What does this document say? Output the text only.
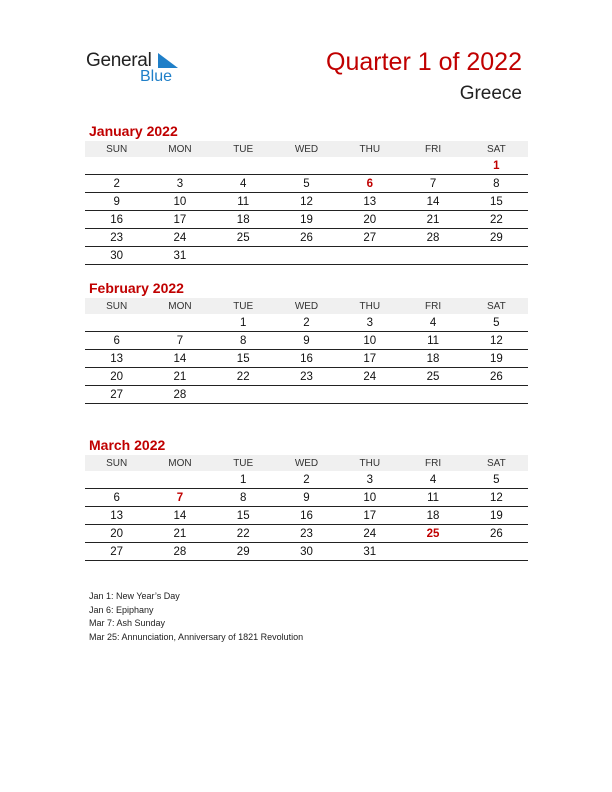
General
Blue
Quarter 1 of 2022
Greece
January 2022
SUN	MON	TUE	WED	THU	FRI	SAT
						1
2	3	4	5	6	7	8
9	10	11	12	13	14	15
16	17	18	19	20	21	22
23	24	25	26	27	28	29
30	31					
February 2022
SUN	MON	TUE	WED	THU	FRI	SAT
		1	2	3	4	5
6	7	8	9	10	11	12
13	14	15	16	17	18	19
20	21	22	23	24	25	26
27	28					
March 2022
SUN	MON	TUE	WED	THU	FRI	SAT
		1	2	3	4	5
6	7	8	9	10	11	12
13	14	15	16	17	18	19
20	21	22	23	24	25	26
27	28	29	30	31		
Jan 1: New Year’s Day
Jan 6: Epiphany
Mar 7: Ash Sunday
Mar 25: Annunciation, Anniversary of 1821 Revolution
